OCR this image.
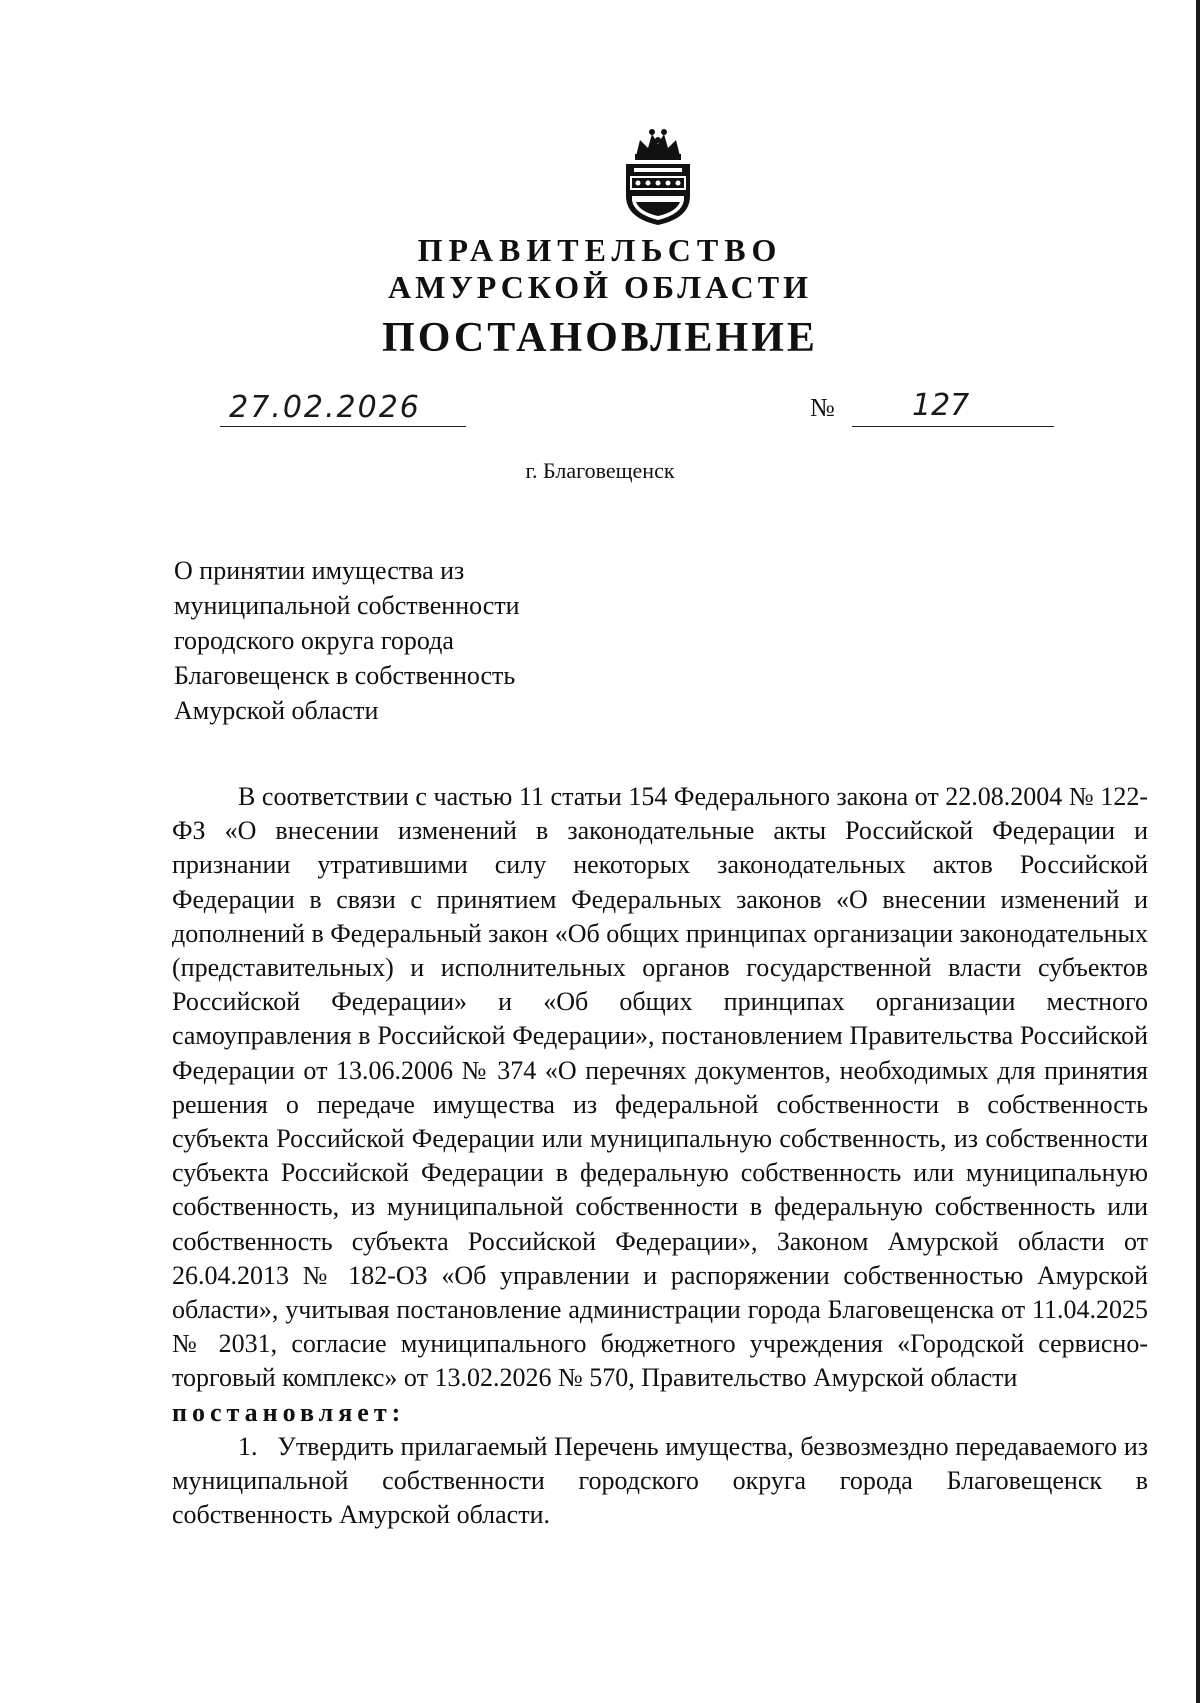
ПРАВИТЕЛЬСТВО
АМУРСКОЙ ОБЛАСТИ
ПОСТАНОВЛЕНИЕ
27.02.2026	№	127
г. Благовещенск
О принятии имущества из
муниципальной собственности
городского округа города
Благовещенск в собственность
Амурской области

В соответствии с частью 11 статьи 154 Федерального закона от 22.08.2004 № 122-ФЗ «О внесении изменений в законодательные акты Российской Федерации и признании утратившими силу некоторых законодательных актов Российской Федерации в связи с принятием Федеральных законов «О внесении изменений и дополнений в Федеральный закон «Об общих принципах организации законодательных (представительных) и исполнительных органов государственной власти субъектов Российской Федерации» и «Об общих принципах организации местного самоуправления в Российской Федерации», постановлением Правительства Российской Федерации от 13.06.2006 № 374 «О перечнях документов, необходимых для принятия решения о передаче имущества из федеральной собственности в собственность субъекта Российской Федерации или муниципальную собственность, из собственности субъекта Российской Федерации в федеральную собственность или муниципальную собственность, из муниципальной собственности в федеральную собственность или собственность субъекта Российской Федерации», Законом Амурской области от 26.04.2013 № 182-ОЗ «Об управлении и распоряжении собственностью Амурской области», учитывая постановление администрации города Благовещенска от 11.04.2025 № 2031, согласие муниципального бюджетного учреждения «Городской сервисно-торговый комплекс» от 13.02.2026 № 570, Правительство Амурской области

постановляет:

1. Утвердить прилагаемый Перечень имущества, безвозмездно передаваемого из муниципальной собственности городского округа города Благовещенск в собственность Амурской области.
